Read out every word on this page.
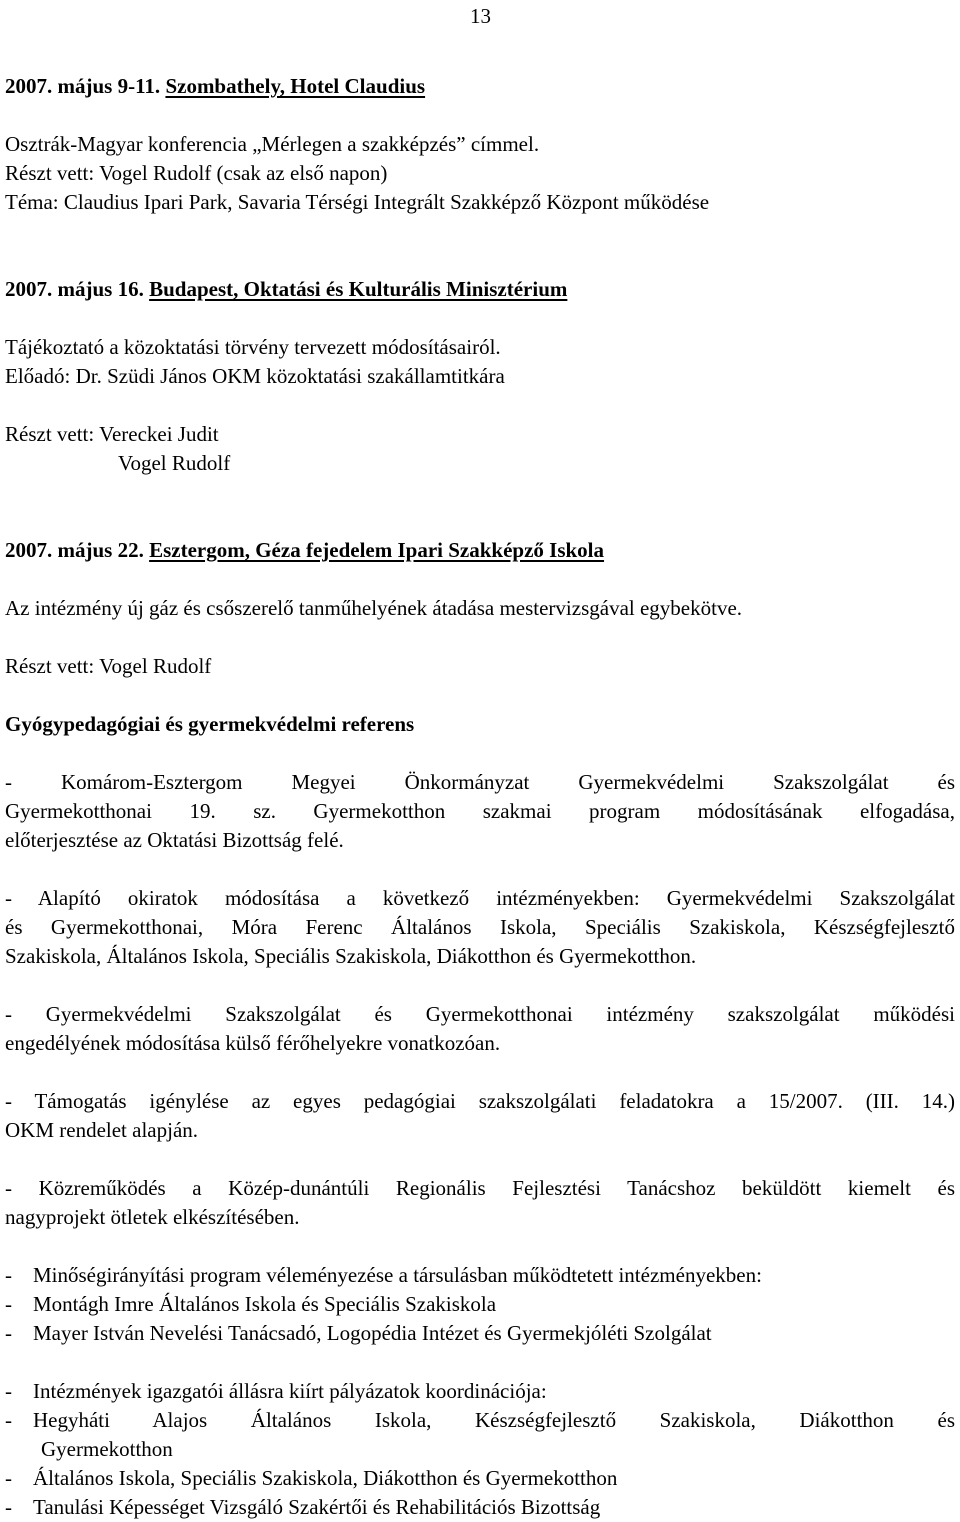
13
2007. május 9-11. Szombathely, Hotel Claudius
Osztrák-Magyar konferencia „Mérlegen a szakképzés” címmel.
Részt vett: Vogel Rudolf (csak az első napon)
Téma: Claudius Ipari Park, Savaria Térségi Integrált Szakképző Központ működése
2007. május 16. Budapest, Oktatási és Kulturális Minisztérium
Tájékoztató a közoktatási törvény tervezett módosításairól.
Előadó: Dr. Szüdi János OKM közoktatási szakállamtitkára
Részt vett: Vereckei Judit
Vogel Rudolf
2007. május 22. Esztergom, Géza fejedelem Ipari Szakképző Iskola
Az intézmény új gáz és csőszerelő tanműhelyének átadása mestervizsgával egybekötve.
Részt vett: Vogel Rudolf
Gyógypedagógiai és gyermekvédelmi referens
- Komárom-Esztergom Megyei Önkormányzat Gyermekvédelmi Szakszolgálat és
Gyermekotthonai 19. sz. Gyermekotthon szakmai program módosításának elfogadása,
előterjesztése az Oktatási Bizottság felé.
- Alapító okiratok módosítása a következő intézményekben: Gyermekvédelmi Szakszolgálat
és Gyermekotthonai, Móra Ferenc Általános Iskola, Speciális Szakiskola, Készségfejlesztő
Szakiskola, Általános Iskola, Speciális Szakiskola, Diákotthon és Gyermekotthon.
- Gyermekvédelmi Szakszolgálat és Gyermekotthonai intézmény szakszolgálat működési
engedélyének módosítása külső férőhelyekre vonatkozóan.
- Támogatás igénylése az egyes pedagógiai szakszolgálati feladatokra a 15/2007. (III. 14.)
OKM rendelet alapján.
- Közreműködés a Közép-dunántúli Regionális Fejlesztési Tanácshoz beküldött kiemelt és
nagyprojekt ötletek elkészítésében.
- Minőségirányítási program véleményezése a társulásban működtetett intézményekben:
- Montágh Imre Általános Iskola és Speciális Szakiskola
- Mayer István Nevelési Tanácsadó, Logopédia Intézet és Gyermekjóléti Szolgálat
- Intézmények igazgatói állásra kiírt pályázatok koordinációja:
- Hegyháti Alajos Általános Iskola, Készségfejlesztő Szakiskola, Diákotthon és
Gyermekotthon
- Általános Iskola, Speciális Szakiskola, Diákotthon és Gyermekotthon
- Tanulási Képességet Vizsgáló Szakértői és Rehabilitációs Bizottság
